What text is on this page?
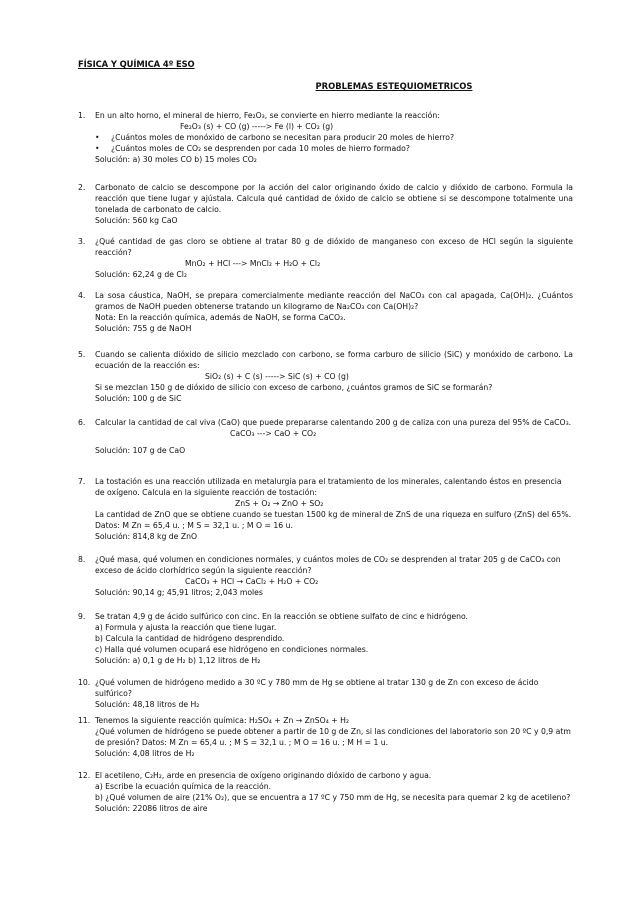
FÍSICA Y QUÍMICA 4º ESO
PROBLEMAS ESTEQUIOMETRICOS
1.	En un alto horno, el mineral de hierro, Fe₂O₃, se convierte en hierro mediante la reacción:

Fe₂O₃ (s) + CO (g) -----> Fe (l) + CO₂ (g)

• ¿Cuántos moles de monóxido de carbono se necesitan para producir 20 moles de hierro?

• ¿Cuántos moles de CO₂ se desprenden por cada 10 moles de hierro formado?

Solución: a) 30 moles CO b) 15 moles CO₂

2.	Carbonato de calcio se descompone por la acción del calor originando óxido de calcio y dióxido de carbono. Formula la reacción que tiene lugar y ajústala. Calcula qué cantidad de óxido de calcio se obtiene si se descompone totalmente una tonelada de carbonato de calcio.

Solución: 560 kg CaO

3.	¿Qué cantidad de gas cloro se obtiene al tratar 80 g de dióxido de manganeso con exceso de HCl según la siguiente reacción?

MnO₂ + HCl ---> MnCl₂ + H₂O + Cl₂

Solución: 62,24 g de Cl₂

4.	La sosa cáustica, NaOH, se prepara comercialmente mediante reacción del NaCO₃ con cal apagada, Ca(OH)₂. ¿Cuántos gramos de NaOH pueden obtenerse tratando un kilogramo de Na₂CO₃ con Ca(OH)₂?

Nota: En la reacción química, además de NaOH, se forma CaCO₃.

Solución: 755 g de NaOH

5.	Cuando se calienta dióxido de silicio mezclado con carbono, se forma carburo de silicio (SiC) y monóxido de carbono. La ecuación de la reacción es:

SiO₂ (s) + C (s) -----> SiC (s) + CO (g)

Si se mezclan 150 g de dióxido de silicio con exceso de carbono, ¿cuántos gramos de SiC se formarán?

Solución: 100 g de SiC

6.	Calcular la cantidad de cal viva (CaO) que puede prepararse calentando 200 g de caliza con una pureza del 95% de CaCO₃.

CaCO₃ ---> CaO + CO₂

Solución: 107 g de CaO

7.	La tostación es una reacción utilizada en metalurgia para el tratamiento de los minerales, calentando éstos en presencia de oxígeno. Calcula en la siguiente reacción de tostación:

ZnS + O₂ → ZnO + SO₂

La cantidad de ZnO que se obtiene cuando se tuestan 1500 kg de mineral de ZnS de una riqueza en sulfuro (ZnS) del 65%.

Datos: M Zn = 65,4 u. ; M S = 32,1 u. ; M O = 16 u.

Solución: 814,8 kg de ZnO

8.	¿Qué masa, qué volumen en condiciones normales, y cuántos moles de CO₂ se desprenden al tratar 205 g de CaCO₃ con exceso de ácido clorhídrico según la siguiente reacción?

CaCO₃ + HCl → CaCl₂ + H₂O + CO₂

Solución: 90,14 g; 45,91 litros; 2,043 moles

9.	Se tratan 4,9 g de ácido sulfúrico con cinc. En la reacción se obtiene sulfato de cinc e hidrógeno.

a) Formula y ajusta la reacción que tiene lugar.

b) Calcula la cantidad de hidrógeno desprendido.

c) Halla qué volumen ocupará ese hidrógeno en condiciones normales.

Solución: a) 0,1 g de H₂ b) 1,12 litros de H₂

10. ¿Qué volumen de hidrógeno medido a 30 ºC y 780 mm de Hg se obtiene al tratar 130 g de Zn con exceso de ácido sulfúrico?

Solución: 48,18 litros de H₂

11. Tenemos la siguiente reacción química: H₂SO₄ + Zn → ZnSO₄ + H₂

¿Qué volumen de hidrógeno se puede obtener a partir de 10 g de Zn, si las condiciones del laboratorio son 20 ºC y 0,9 atm de presión? Datos: M Zn = 65,4 u. ; M S = 32,1 u. ; M O = 16 u. ; M H = 1 u.

Solución: 4,08 litros de H₂

12. El acetileno, C₂H₂, arde en presencia de oxígeno originando dióxido de carbono y agua.

a) Escribe la ecuación química de la reacción.

b) ¿Qué volumen de aire (21% O₂), que se encuentra a 17 ºC y 750 mm de Hg, se necesita para quemar 2 kg de acetileno?

Solución: 22086 litros de aire
